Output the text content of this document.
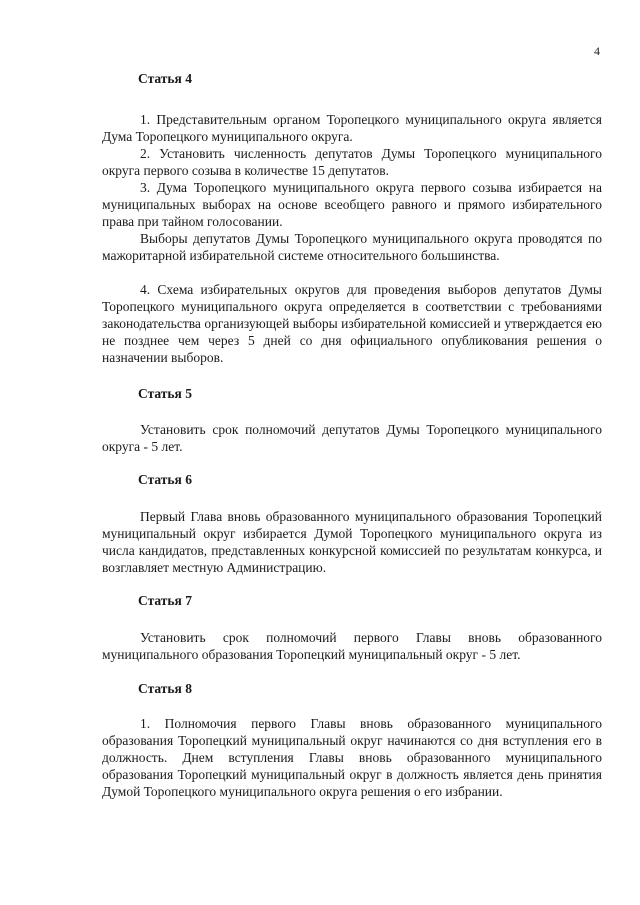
4
Статья 4

1. Представительным органом Торопецкого муниципального округа является Дума Торопецкого муниципального округа.

2. Установить численность депутатов Думы Торопецкого муниципального округа первого созыва в количестве 15 депутатов.

3. Дума Торопецкого муниципального округа первого созыва избирается на муниципальных выборах на основе всеобщего равного и прямого избирательного права при тайном голосовании.

Выборы депутатов Думы Торопецкого муниципального округа проводятся по мажоритарной избирательной системе относительного большинства.

4. Схема избирательных округов для проведения выборов депутатов Думы Торопецкого муниципального округа определяется в соответствии с требованиями законодательства организующей выборы избирательной комиссией и утверждается ею не позднее чем через 5 дней со дня официального опубликования решения о назначении выборов.

Статья 5

Установить срок полномочий депутатов Думы Торопецкого муниципального округа - 5 лет.

Статья 6

Первый Глава вновь образованного муниципального образования Торопецкий муниципальный округ избирается Думой Торопецкого муниципального округа из числа кандидатов, представленных конкурсной комиссией по результатам конкурса, и возглавляет местную Администрацию.

Статья 7

Установить срок полномочий первого Главы вновь образованного муниципального образования Торопецкий муниципальный округ - 5 лет.

Статья 8

1. Полномочия первого Главы вновь образованного муниципального образования Торопецкий муниципальный округ начинаются со дня вступления его в должность. Днем вступления Главы вновь образованного муниципального образования Торопецкий муниципальный округ в должность является день принятия Думой Торопецкого муниципального округа решения о его избрании.
